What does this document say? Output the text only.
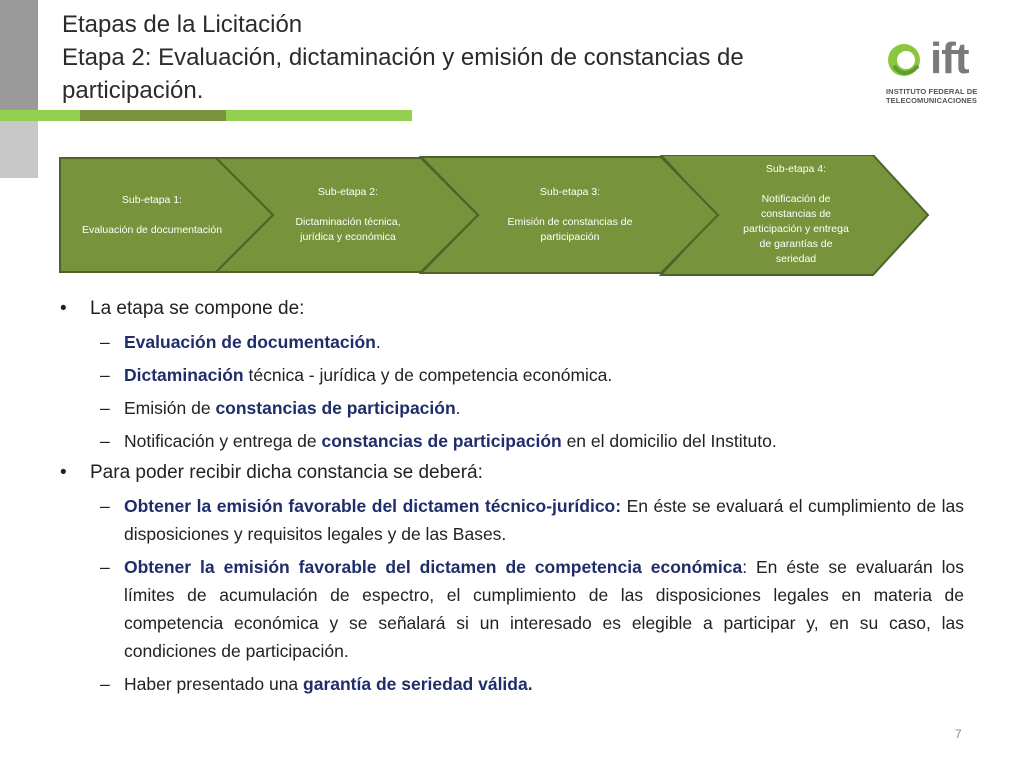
Etapas de la Licitación
Etapa 2: Evaluación, dictaminación y emisión de constancias de participación.
ift
INSTITUTO FEDERAL DE
TELECOMUNICACIONES
Sub-etapa 1:

Evaluación de documentación
Sub-etapa 2:

Dictaminación técnica,
jurídica y económica
Sub-etapa 3:

Emisión de constancias de
participación
Sub-etapa 4:

Notificación de
constancias de
participación y entrega
de garantías de
seriedad
• La etapa se compone de:
– Evaluación de documentación.
– Dictaminación técnica - jurídica y de competencia económica.
– Emisión de constancias de participación.
– Notificación y entrega de constancias de participación en el domicilio del Instituto.
• Para poder recibir dicha constancia se deberá:
– Obtener la emisión favorable del dictamen técnico-jurídico: En éste se evaluará el cumplimiento de las disposiciones y requisitos legales y de las Bases.
– Obtener la emisión favorable del dictamen de competencia económica: En éste se evaluarán los límites de acumulación de espectro, el cumplimiento de las disposiciones legales en materia de competencia económica y se señalará si un interesado es elegible a participar y, en su caso, las condiciones de participación.
– Haber presentado una garantía de seriedad válida.
7
